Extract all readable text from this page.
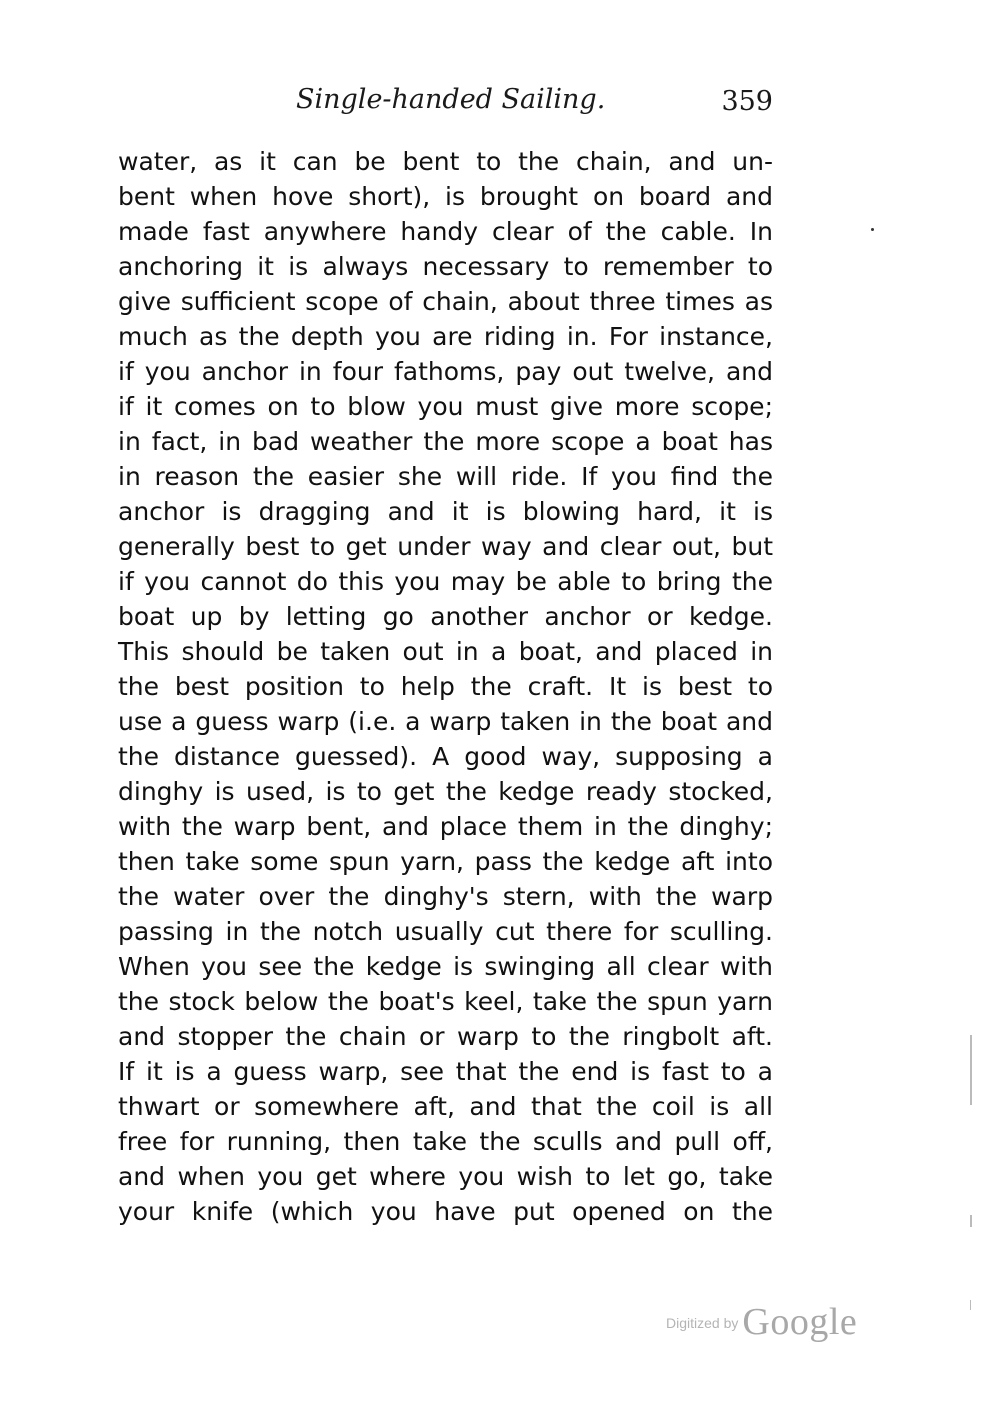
Single-handed Sailing.	359
water, as it can be bent to the chain, and un-
bent when hove short), is brought on board and
made fast anywhere handy clear of the cable. In
anchoring it is always necessary to remember to
give sufficient scope of chain, about three times as
much as the depth you are riding in. For instance,
if you anchor in four fathoms, pay out twelve, and
if it comes on to blow you must give more scope;
in fact, in bad weather the more scope a boat has
in reason the easier she will ride. If you find the
anchor is dragging and it is blowing hard, it is
generally best to get under way and clear out, but
if you cannot do this you may be able to bring the
boat up by letting go another anchor or kedge.
This should be taken out in a boat, and placed in
the best position to help the craft. It is best to
use a guess warp (i.e. a warp taken in the boat and
the distance guessed). A good way, supposing a
dinghy is used, is to get the kedge ready stocked,
with the warp bent, and place them in the dinghy;
then take some spun yarn, pass the kedge aft into
the water over the dinghy's stern, with the warp
passing in the notch usually cut there for sculling.
When you see the kedge is swinging all clear with
the stock below the boat's keel, take the spun yarn
and stopper the chain or warp to the ringbolt aft.
If it is a guess warp, see that the end is fast to a
thwart or somewhere aft, and that the coil is all
free for running, then take the sculls and pull off,
and when you get where you wish to let go, take
your knife (which you have put opened on the
Digitized by Google
